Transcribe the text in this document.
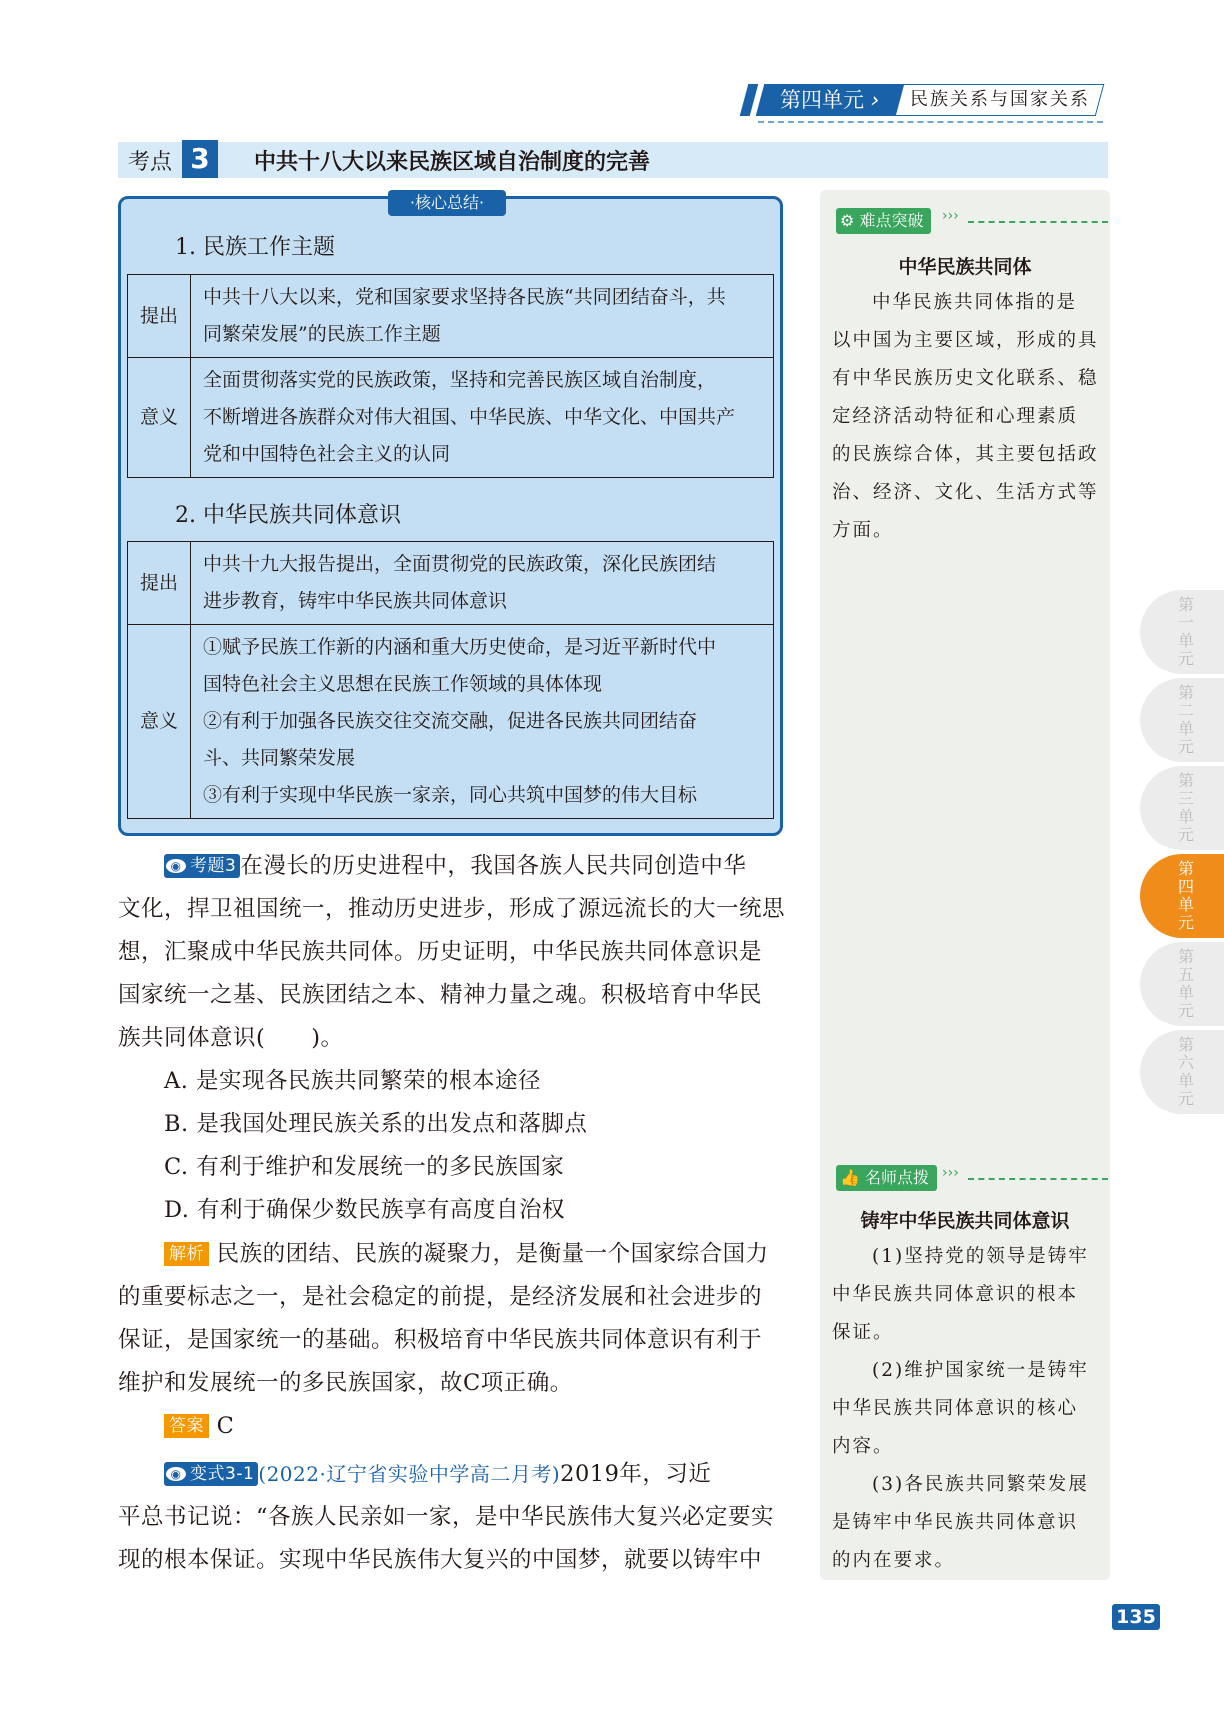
第四单元 ›	民族关系与国家关系
考点 3	中共十八大以来民族区域自治制度的完善
·核心总结·
1. 民族工作主题
提出	中共十八大以来，党和国家要求坚持各民族“共同团结奋斗，共
同繁荣发展”的民族工作主题

意义	全面贯彻落实党的民族政策，坚持和完善民族区域自治制度，
不断增进各族群众对伟大祖国、中华民族、中华文化、中国共产
党和中国特色社会主义的认同
2. 中华民族共同体意识
提出	中共十九大报告提出，全面贯彻党的民族政策，深化民族团结
进步教育，铸牢中华民族共同体意识

意义	①赋予民族工作新的内涵和重大历史使命，是习近平新时代中
国特色社会主义思想在民族工作领域的具体体现
②有利于加强各民族交往交流交融，促进各民族共同团结奋
斗、共同繁荣发展
③有利于实现中华民族一家亲，同心共筑中国梦的伟大目标
◉ 考题3 在漫长的历史进程中，我国各族人民共同创造中华
文化，捍卫祖国统一，推动历史进步，形成了源远流长的大一统思
想，汇聚成中华民族共同体。历史证明，中华民族共同体意识是
国家统一之基、民族团结之本、精神力量之魂。积极培育中华民
族共同体意识(　　)。
A. 是实现各民族共同繁荣的根本途径
B. 是我国处理民族关系的出发点和落脚点
C. 有利于维护和发展统一的多民族国家
D. 有利于确保少数民族享有高度自治权
解析 民族的团结、民族的凝聚力，是衡量一个国家综合国力
的重要标志之一，是社会稳定的前提，是经济发展和社会进步的
保证，是国家统一的基础。积极培育中华民族共同体意识有利于
维护和发展统一的多民族国家，故C项正确。
答案 C
◉ 变式3-1 (2022·辽宁省实验中学高二月考)2019年，习近
平总书记说：“各族人民亲如一家，是中华民族伟大复兴必定要实
现的根本保证。实现中华民族伟大复兴的中国梦，就要以铸牢中
⚙ 难点突破	›››
中华民族共同体
中华民族共同体指的是
以中国为主要区域，形成的具
有中华民族历史文化联系、稳
定经济活动特征和心理素质
的民族综合体，其主要包括政
治、经济、文化、生活方式等
方面。
👍 名师点拨 ›››
铸牢中华民族共同体意识
(1)坚持党的领导是铸牢
中华民族共同体意识的根本
保证。
(2)维护国家统一是铸牢
中华民族共同体意识的核心
内容。
(3)各民族共同繁荣发展
是铸牢中华民族共同体意识
的内在要求。
第一单元
第二单元
第三单元
第四单元
第五单元
第六单元
135
